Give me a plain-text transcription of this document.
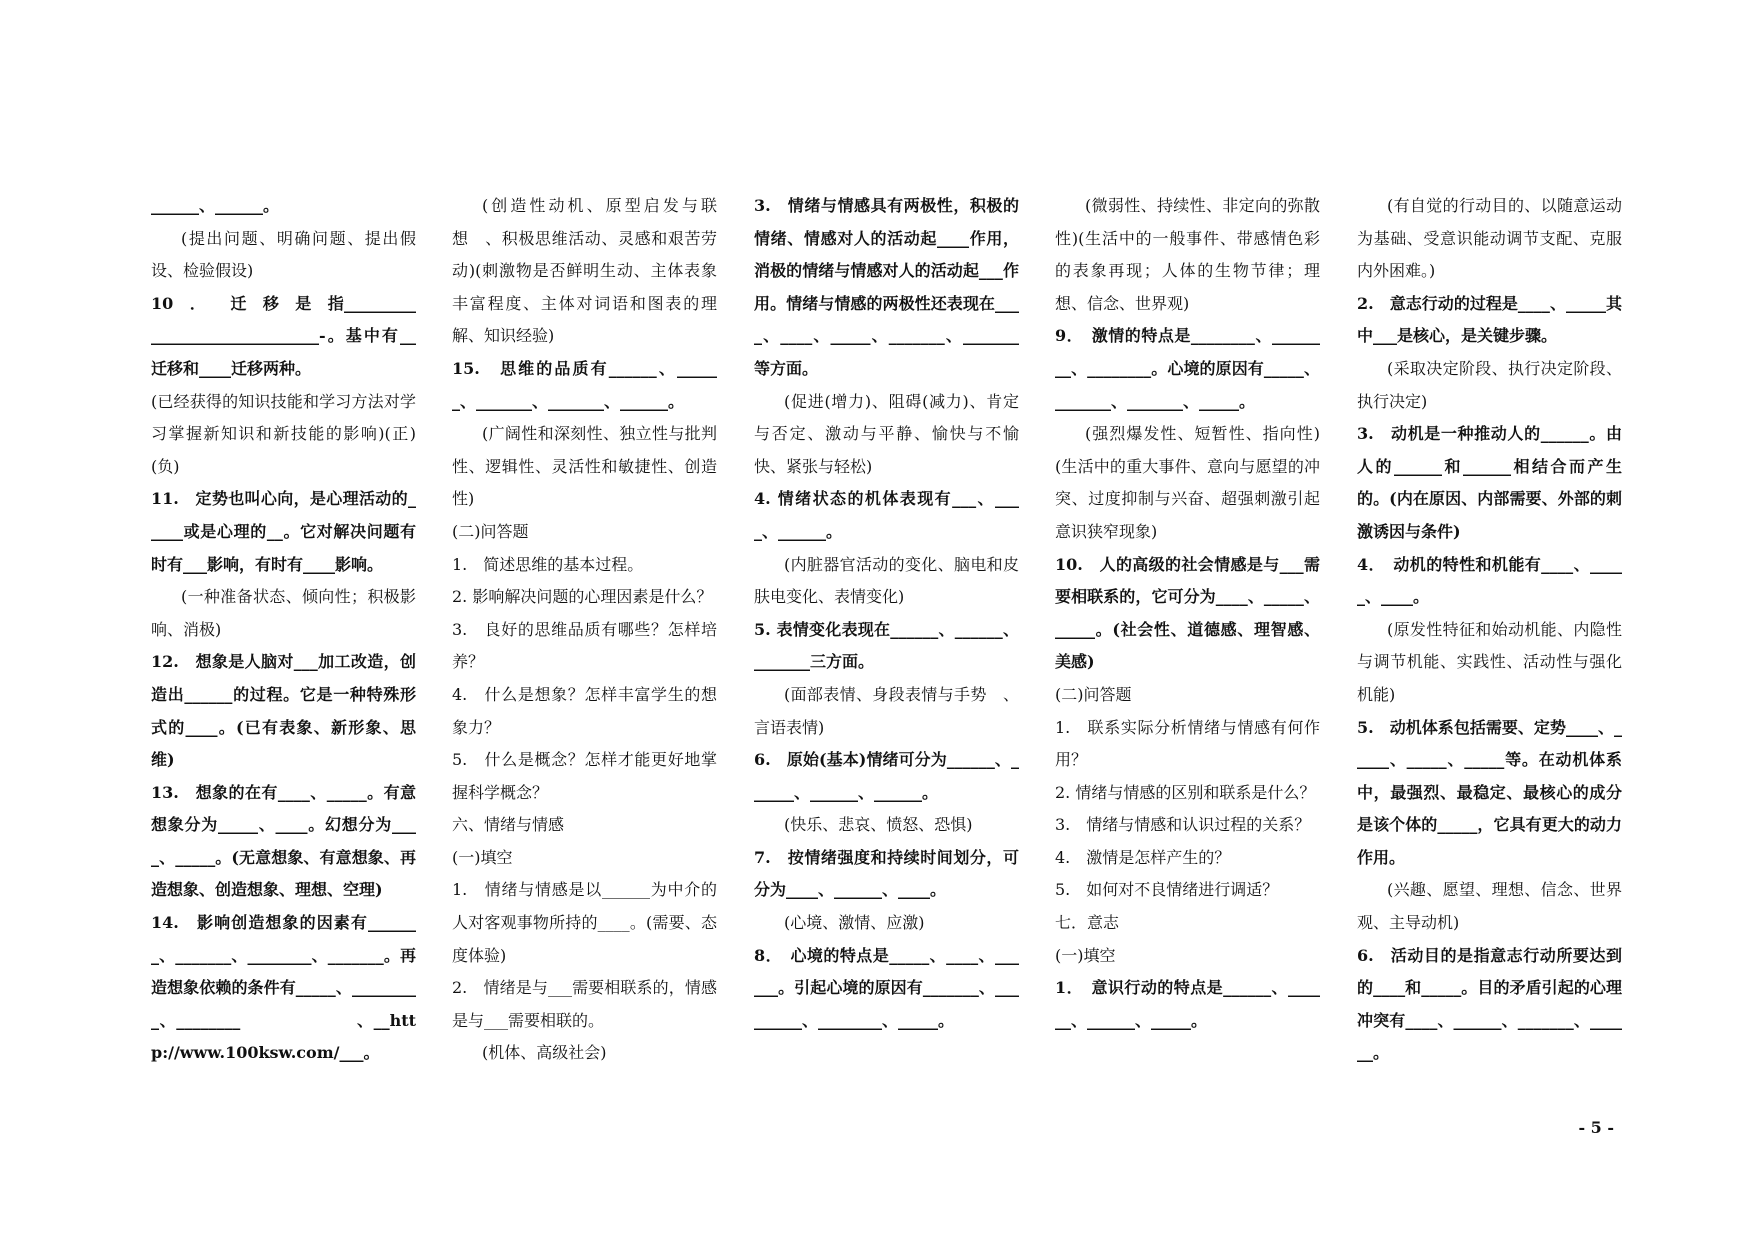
______、______。

(提出问题、明确问题、提出假设、检验假设)

10　．　　迁　移　是　指______________________________-。基中有__迁移和____迁移两种。

(已经获得的知识技能和学习方法对学习掌握新知识和新技能的影响)(正)(负)

11.　定势也叫心向，是心理活动的_____或是心理的__。它对解决问题有时有___影响，有时有____影响。

(一种准备状态、倾向性；积极影响、消极)

12.　想象是人脑对___加工改造，创造出______的过程。它是一种特殊形式的____。(已有表象、新形象、思维)

13.　想象的在有____、_____。有意想象分为_____、____。幻想分为____、_____。(无意想象、有意想象、再造想象、创造想象、理想、空理)

14.　影响创造想象的因素有_______、_______、________、_______。再造想象依赖的条件有_____、_________、________　　　　　　　、__http://www.100ksw.com/___。

(创造性动机、原型启发与联想　、积极思维活动、灵感和艰苦劳动)(刺激物是否鲜明生动、主体表象丰富程度、主体对词语和图表的理解、知识经验)

15.　思维的品质有______、______、_______、_______、______。

(广阔性和深刻性、独立性与批判性、逻辑性、灵活性和敏捷性、创造性)

(二)问答题

1.　简述思维的基本过程。

2. 影响解决问题的心理因素是什么？

3.　良好的思维品质有哪些？怎样培养？

4.　什么是想象？怎样丰富学生的想象力？

5.　什么是概念？怎样才能更好地掌握科学概念？

六、情绪与情感

(一)填空

1.　情绪与情感是以______为中介的人对客观事物所持的____。(需要、态度体验)

2.　情绪是与___需要相联系的，情感是与___需要相联的。

(机体、高级社会)

3.　情绪与情感具有两极性，积极的情绪、情感对人的活动起____作用，消极的情绪与情感对人的活动起___作用。情绪与情感的两极性还表现在____、____、_____、_______、_______等方面。

(促进(增力)、阻碍(减力)、肯定与否定、激动与平静、愉快与不愉快、紧张与轻松)

4. 情绪状态的机体表现有___、____、______。

(内脏器官活动的变化、脑电和皮肤电变化、表情变化)

5. 表情变化表现在______、______、_______三方面。

(面部表情、身段表情与手势　、言语表情)

6.　原始(基本)情绪可分为______、______、______、______。

(快乐、悲哀、愤怒、恐惧)

7.　按情绪强度和持续时间划分，可分为____、______、____。

(心境、激情、应激)

8．　心境的特点是_____、____、______。引起心境的原因有_______、_________、________、_____。

(微弱性、持续性、非定向的弥散性)(生活中的一般事件、带感情色彩的表象再现；人体的生物节律；理想、信念、世界观)

9．　激情的特点是________、________、________。心境的原因有_____、_______、_______、_____。

(强烈爆发性、短暂性、指向性)(生活中的重大事件、意向与愿望的冲突、过度抑制与兴奋、超强刺激引起意识狭窄现象)

10.　人的高级的社会情感是与___需要相联系的，它可分为____、_____、_____。(社会性、道德感、理智感、美感)

(二)问答题

1.　联系实际分析情绪与情感有何作用？

2. 情绪与情感的区别和联系是什么？

3.　情绪与情感和认识过程的关系？

4.　激情是怎样产生的？

5.　如何对不良情绪进行调适？

七．意志

(一)填空

1．　意识行动的特点是______、______、______、_____。

(有自觉的行动目的、以随意运动为基础、受意识能动调节支配、克服内外困难。)

2.　意志行动的过程是____、_____其中___是核心，是关键步骤。

(采取决定阶段、执行决定阶段、执行决定)

3.　动机是一种推动人的______。由人的______和______相结合而产生的。(内在原因、内部需要、外部的刺激诱因与条件)

4．　动机的特性和机能有____、_____、____。

(原发性特征和始动机能、内隐性与调节机能、实践性、活动性与强化机能)

5.　动机体系包括需要、定势____、_____、_____、_____等。在动机体系中，最强烈、最稳定、最核心的成分是该个体的_____，它具有更大的动力作用。

(兴趣、愿望、理想、信念、世界观、主导动机)

6.　活动目的是指意志行动所要达到的____和_____。目的矛盾引起的心理冲突有____、______、_______、______。

- 5 -
